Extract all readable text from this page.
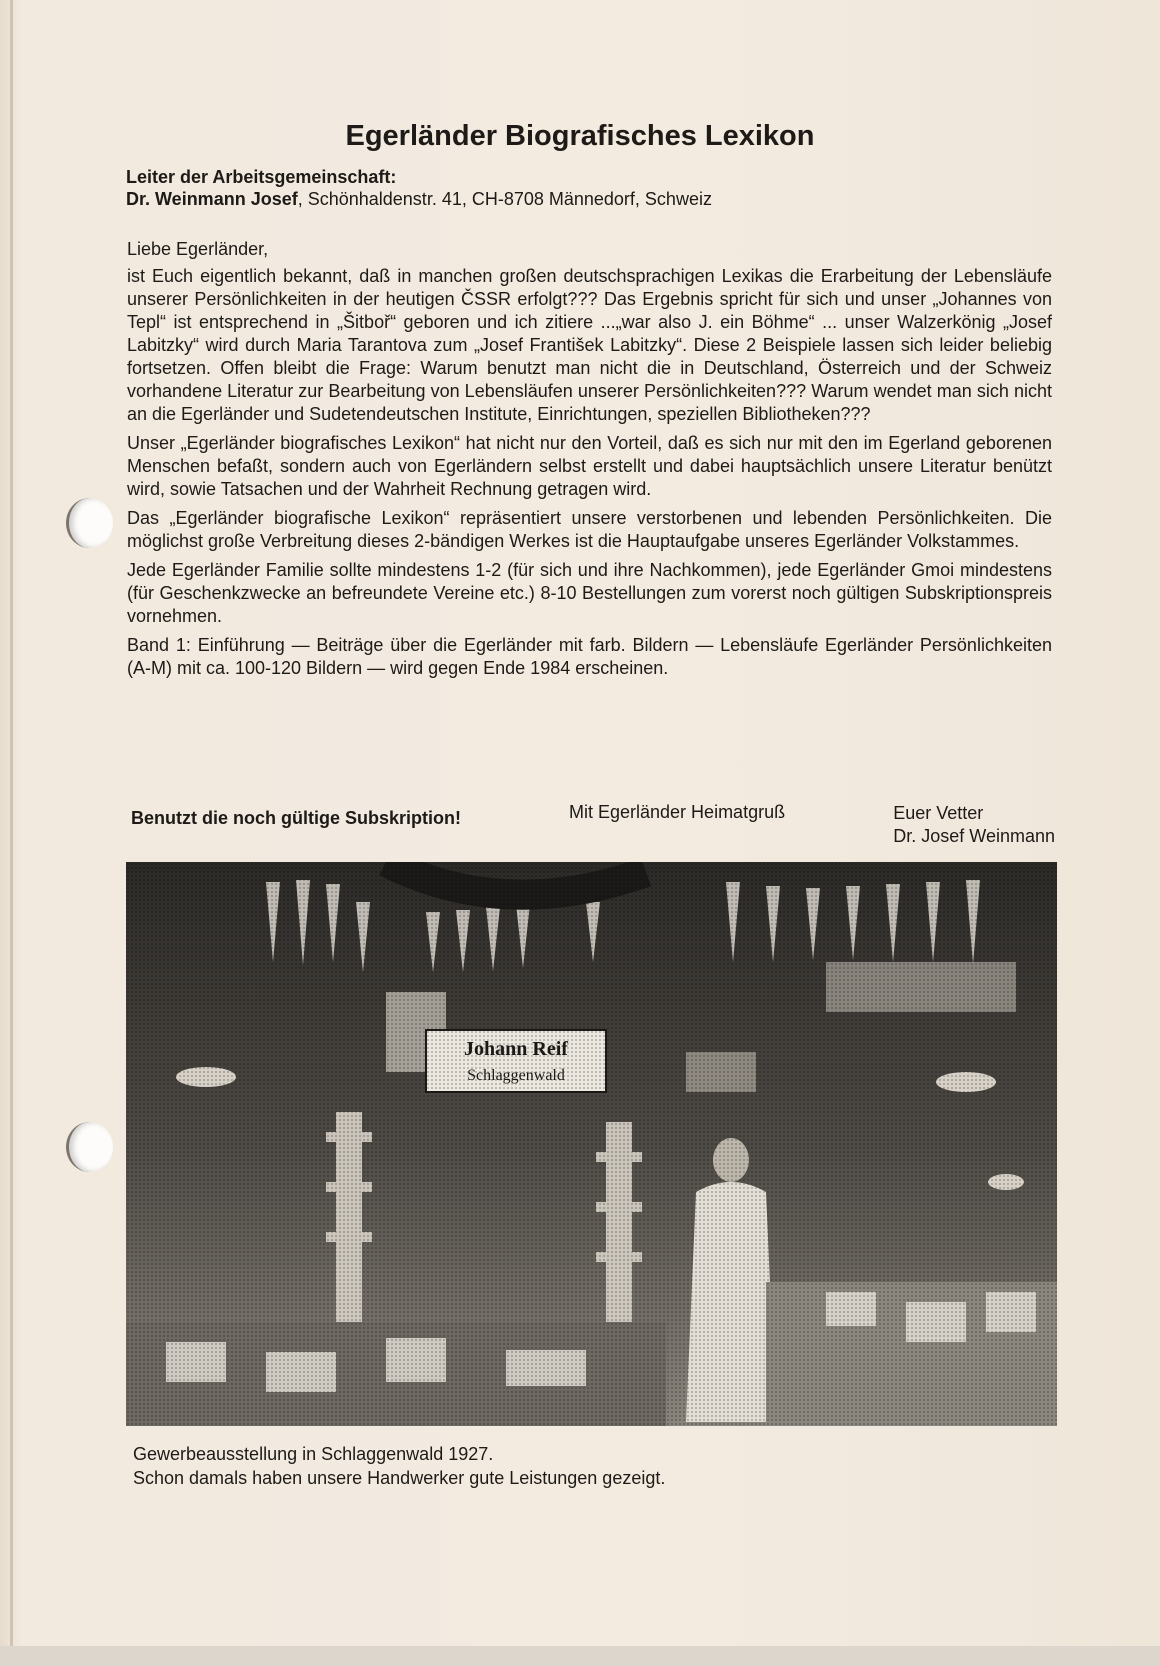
Egerländer Biografisches Lexikon
Leiter der Arbeitsgemeinschaft:
Dr. Weinmann Josef, Schönhaldenstr. 41, CH-8708 Männedorf, Schweiz

Liebe Egerländer,

ist Euch eigentlich bekannt, daß in manchen großen deutschsprachigen Lexikas die Erarbeitung der Lebensläufe unserer Persönlichkeiten in der heutigen ČSSR erfolgt??? Das Ergebnis spricht für sich und unser „Johannes von Tepl“ ist entsprechend in „Šitboř“ geboren und ich zitiere ...„war also J. ein Böhme“ ... unser Walzerkönig „Josef Labitzky“ wird durch Maria Tarantova zum „Josef František Labitzky“. Diese 2 Beispiele lassen sich leider beliebig fortsetzen. Offen bleibt die Frage: Warum benutzt man nicht die in Deutschland, Österreich und der Schweiz vorhandene Literatur zur Bearbeitung von Lebensläufen unserer Persönlichkeiten??? Warum wendet man sich nicht an die Egerländer und Sudetendeutschen Institute, Einrichtungen, speziellen Bibliotheken???

Unser „Egerländer biografisches Lexikon“ hat nicht nur den Vorteil, daß es sich nur mit den im Egerland geborenen Menschen befaßt, sondern auch von Egerländern selbst erstellt und dabei hauptsächlich unsere Literatur benützt wird, sowie Tatsachen und der Wahrheit Rechnung getragen wird.

Das „Egerländer biografische Lexikon“ repräsentiert unsere verstorbenen und lebenden Persönlichkeiten. Die möglichst große Verbreitung dieses 2-bändigen Werkes ist die Hauptaufgabe unseres Egerländer Volkstammes.

Jede Egerländer Familie sollte mindestens 1-2 (für sich und ihre Nachkommen), jede Egerländer Gmoi mindestens (für Geschenkzwecke an befreundete Vereine etc.) 8-10 Bestellungen zum vorerst noch gültigen Subskriptionspreis vornehmen.

Band 1: Einführung — Beiträge über die Egerländer mit farb. Bildern — Lebensläufe Egerländer Persönlichkeiten (A-M) mit ca. 100-120 Bildern — wird gegen Ende 1984 erscheinen.

Benutzt die noch gültige Subskription!	Mit Egerländer Heimatgruß	Euer Vetter
Dr. Josef Weinmann
Gewerbeausstellung in Schlaggenwald 1927.
Schon damals haben unsere Handwerker gute Leistungen gezeigt.
